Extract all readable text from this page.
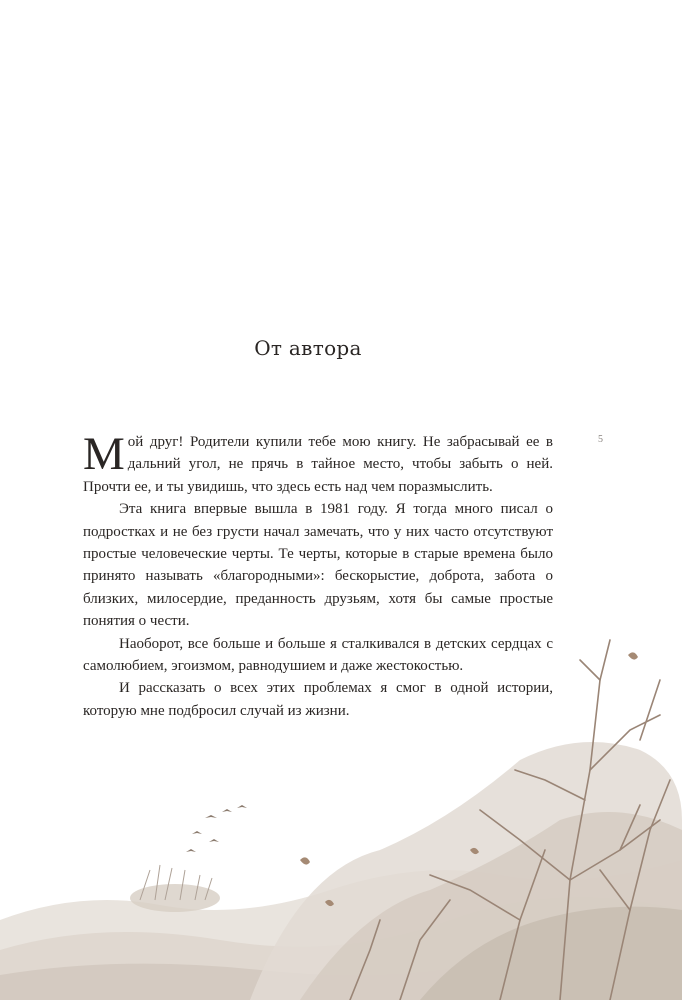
От автора
5

Мой друг! Родители купили тебе мою книгу. Не забрасывай ее в дальний угол, не прячь в тайное место, чтобы забыть о ней. Прочти ее, и ты увидишь, что здесь есть над чем поразмыслить.

Эта книга впервые вышла в 1981 году. Я тогда много писал о подростках и не без грусти начал замечать, что у них часто отсутствуют простые человеческие черты. Те черты, которые в старые времена было принято называть «благородными»: бескорыстие, доброта, забота о близких, милосердие, преданность друзьям, хотя бы самые простые понятия о чести.

Наоборот, все больше и больше я сталкивался в детских сердцах с самолюбием, эгоизмом, равнодушием и даже жестокостью.

И рассказать о всех этих проблемах я смог в одной истории, которую мне подбросил случай из жизни.
